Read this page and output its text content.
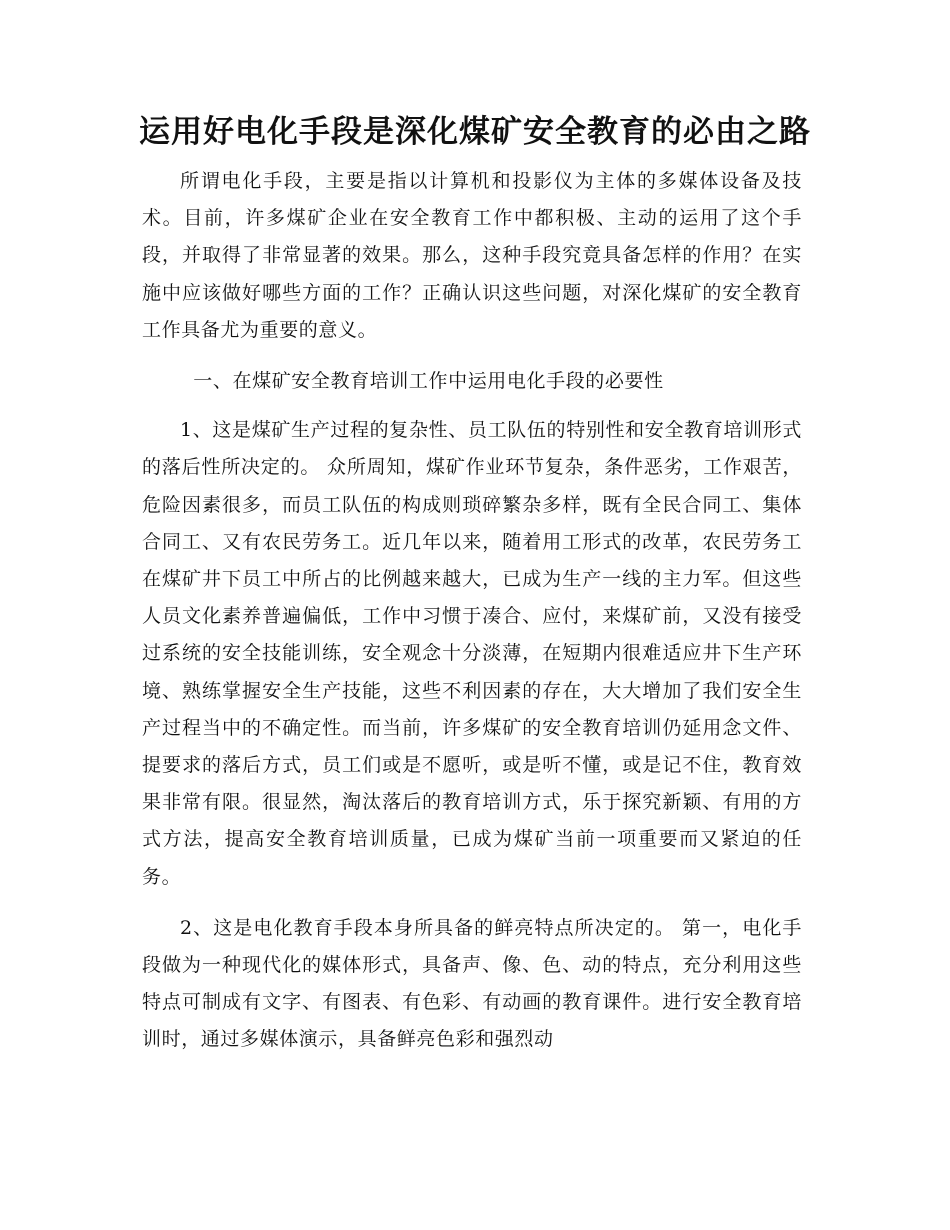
运用好电化手段是深化煤矿安全教育的必由之路

所谓电化手段，主要是指以计算机和投影仪为主体的多媒体设备及技术。目前，许多煤矿企业在安全教育工作中都积极、主动的运用了这个手段，并取得了非常显著的效果。那么，这种手段究竟具备怎样的作用？在实施中应该做好哪些方面的工作？正确认识这些问题，对深化煤矿的安全教育工作具备尤为重要的意义。

一、在煤矿安全教育培训工作中运用电化手段的必要性

1、这是煤矿生产过程的复杂性、员工队伍的特别性和安全教育培训形式的落后性所决定的。 众所周知，煤矿作业环节复杂，条件恶劣，工作艰苦，危险因素很多，而员工队伍的构成则琐碎繁杂多样，既有全民合同工、集体合同工、又有农民劳务工。近几年以来，随着用工形式的改革，农民劳务工在煤矿井下员工中所占的比例越来越大，已成为生产一线的主力军。但这些人员文化素养普遍偏低，工作中习惯于凑合、应付，来煤矿前，又没有接受过系统的安全技能训练，安全观念十分淡薄，在短期内很难适应井下生产环境、熟练掌握安全生产技能，这些不利因素的存在，大大增加了我们安全生产过程当中的不确定性。而当前，许多煤矿的安全教育培训仍延用念文件、提要求的落后方式，员工们或是不愿听，或是听不懂，或是记不住，教育效果非常有限。很显然，淘汰落后的教育培训方式，乐于探究新颖、有用的方式方法，提高安全教育培训质量，已成为煤矿当前一项重要而又紧迫的任务。

2、这是电化教育手段本身所具备的鲜亮特点所决定的。 第一，电化手段做为一种现代化的媒体形式，具备声、像、色、动的特点，充分利用这些特点可制成有文字、有图表、有色彩、有动画的教育课件。进行安全教育培训时，通过多媒体演示，具备鲜亮色彩和强烈动
